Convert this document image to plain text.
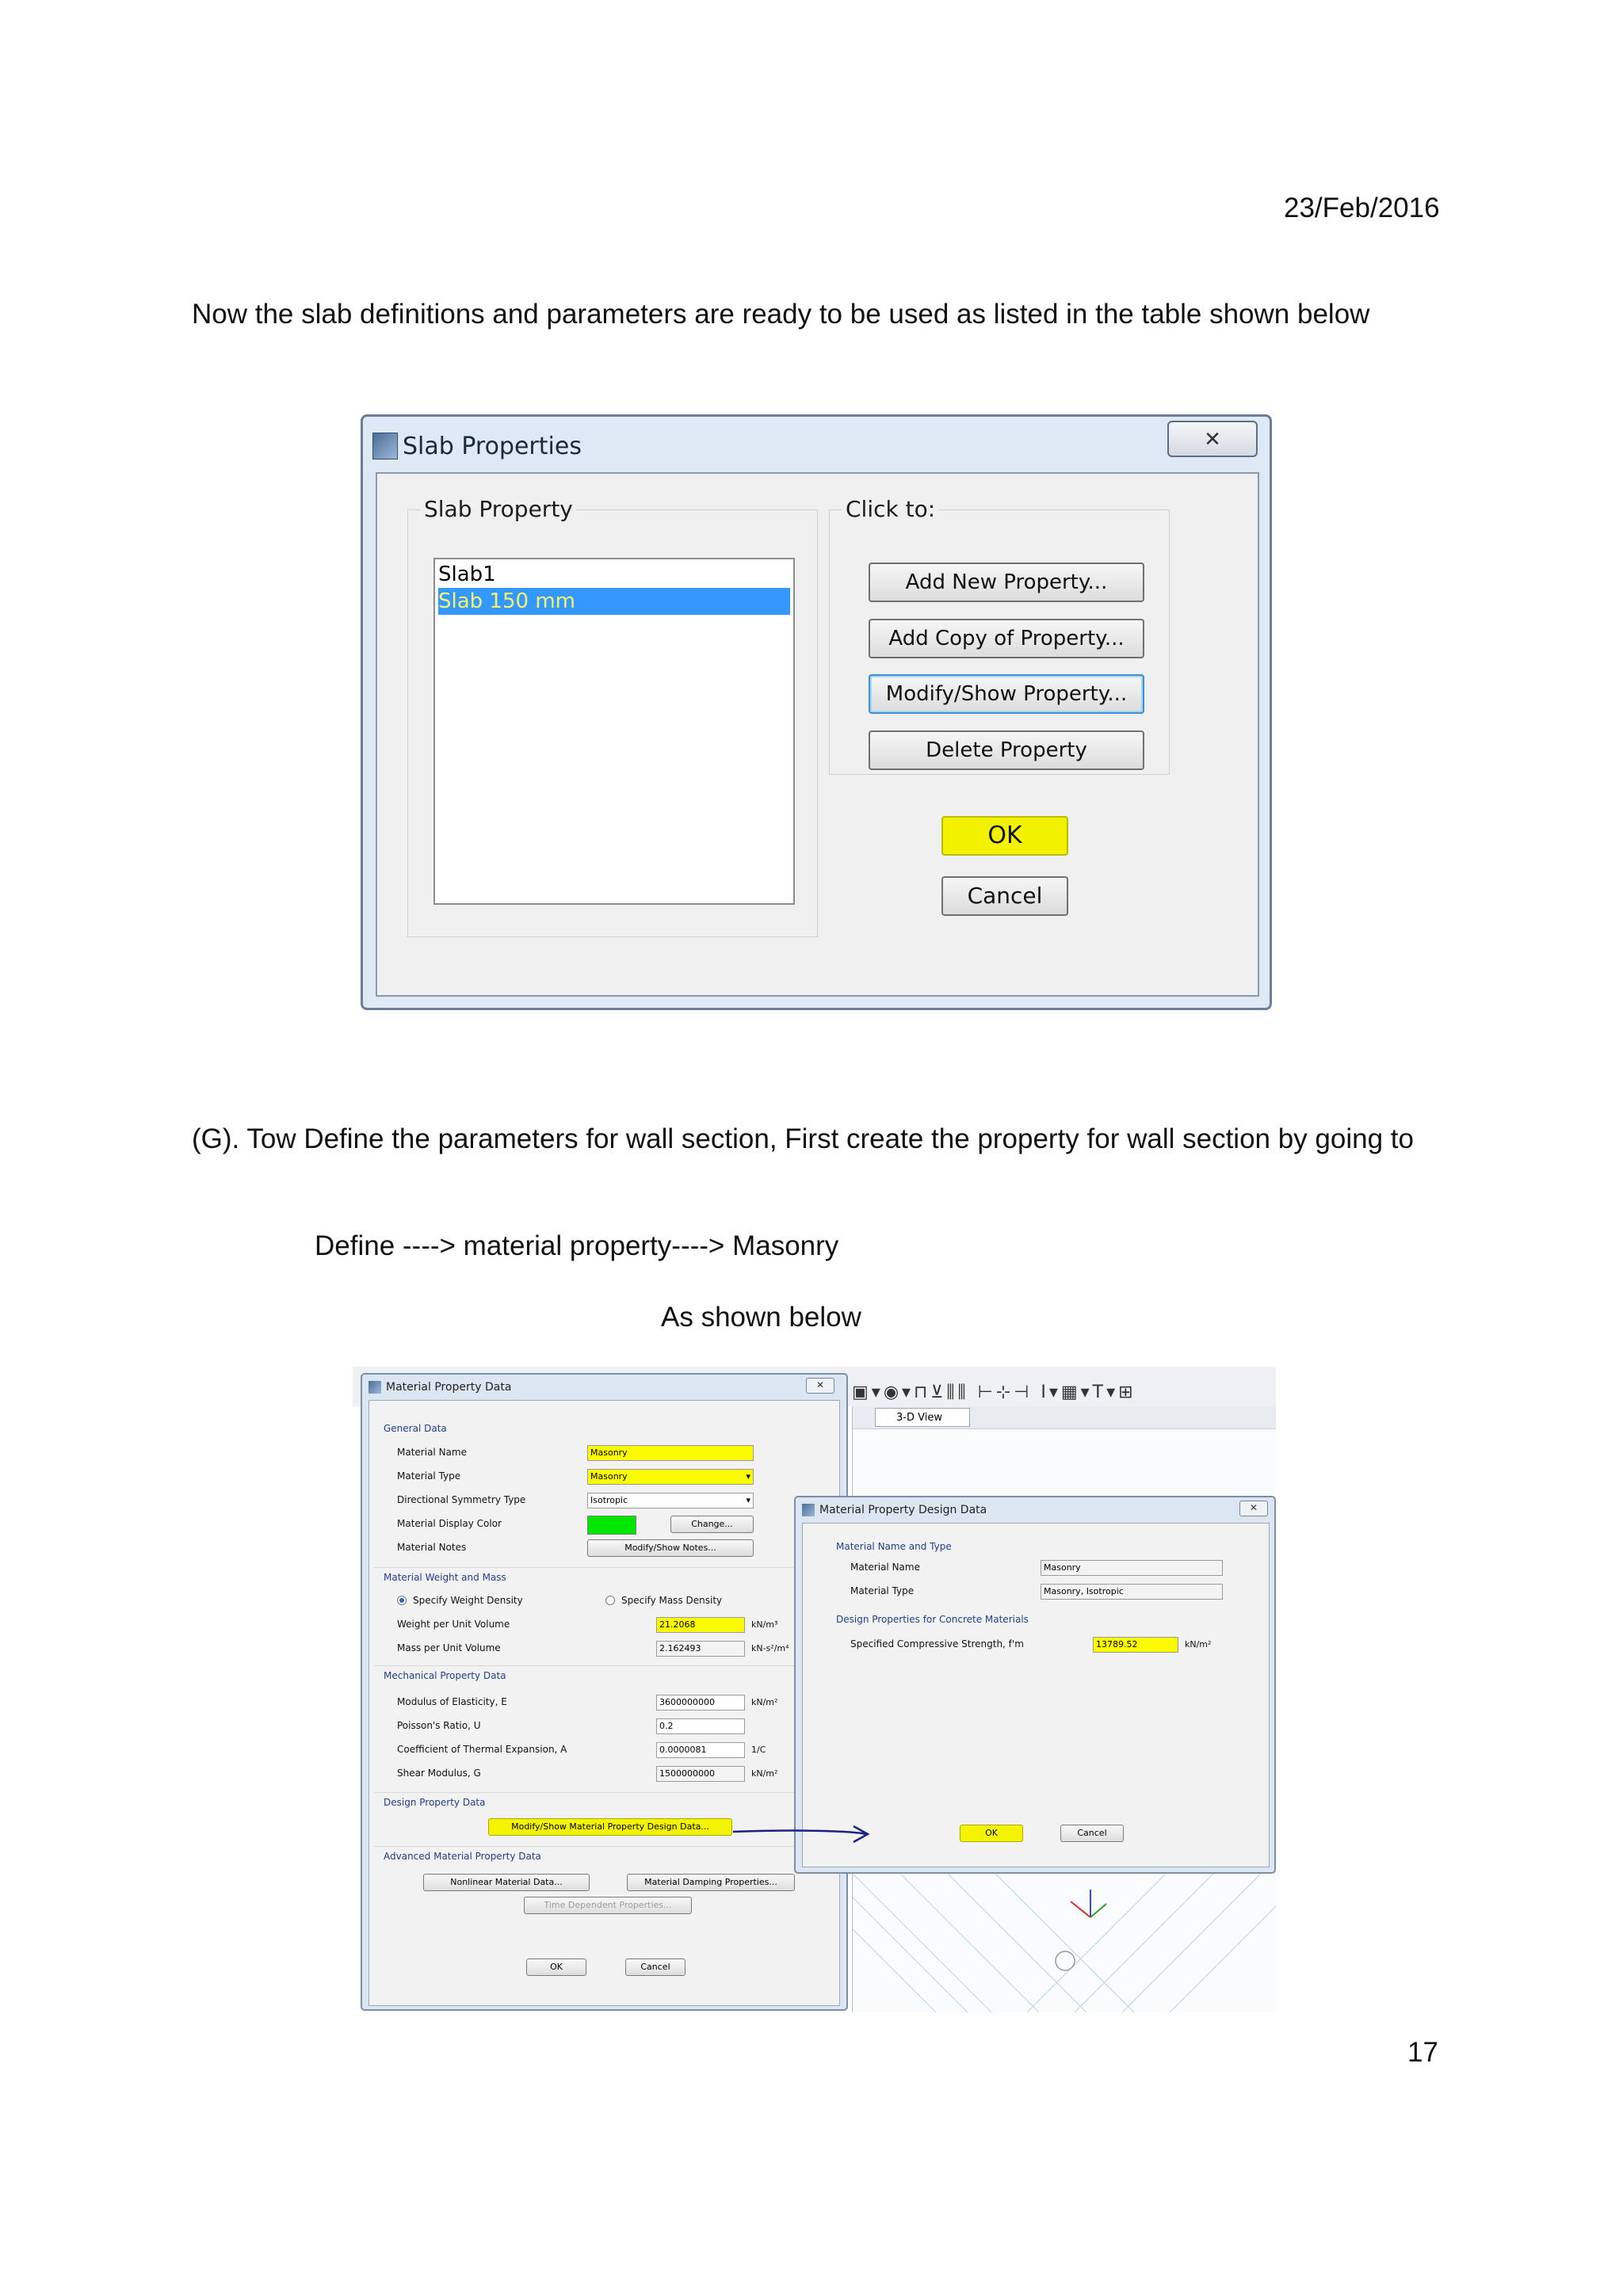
23/Feb/2016
Now the slab definitions and parameters are ready to be used as listed in the table shown below
Slab Properties	✕
Slab Property
Slab1
Slab 150 mm
Click to:
Add New Property...
Add Copy of Property...
Modify/Show Property...
Delete Property
OK
Cancel
(G). Tow Define the parameters for wall section, First create the property for wall section by going to
Define ----> material property----> Masonry
As shown below
▣▾◉▾⊓⊻⫼⫼ ⊢⊹⊣ I▾▦▾T▾⊞
3-D View
Material Property Data	✕
General Data
Material Name	Masonry
Material Type	Masonry ▾
Directional Symmetry Type	Isotropic ▾
Material Display Color	Change...
Material Notes	Modify/Show Notes...
Material Weight and Mass
Specify Weight Density	Specify Mass Density
Weight per Unit Volume	21.2068	kN/m³
Mass per Unit Volume	2.162493	kN-s²/m⁴
Mechanical Property Data
Modulus of Elasticity, E	3600000000	kN/m²
Poisson's Ratio, U	0.2
Coefficient of Thermal Expansion, A	0.0000081	1/C
Shear Modulus, G	1500000000	kN/m²
Design Property Data
Modify/Show Material Property Design Data...
Advanced Material Property Data
Nonlinear Material Data...	Material Damping Properties...
Time Dependent Properties...
OK	Cancel
Material Property Design Data	✕
Material Name and Type
Material Name	Masonry
Material Type	Masonry, Isotropic
Design Properties for Concrete Materials
Specified Compressive Strength, f'm	13789.52	kN/m²
OK	Cancel
17
